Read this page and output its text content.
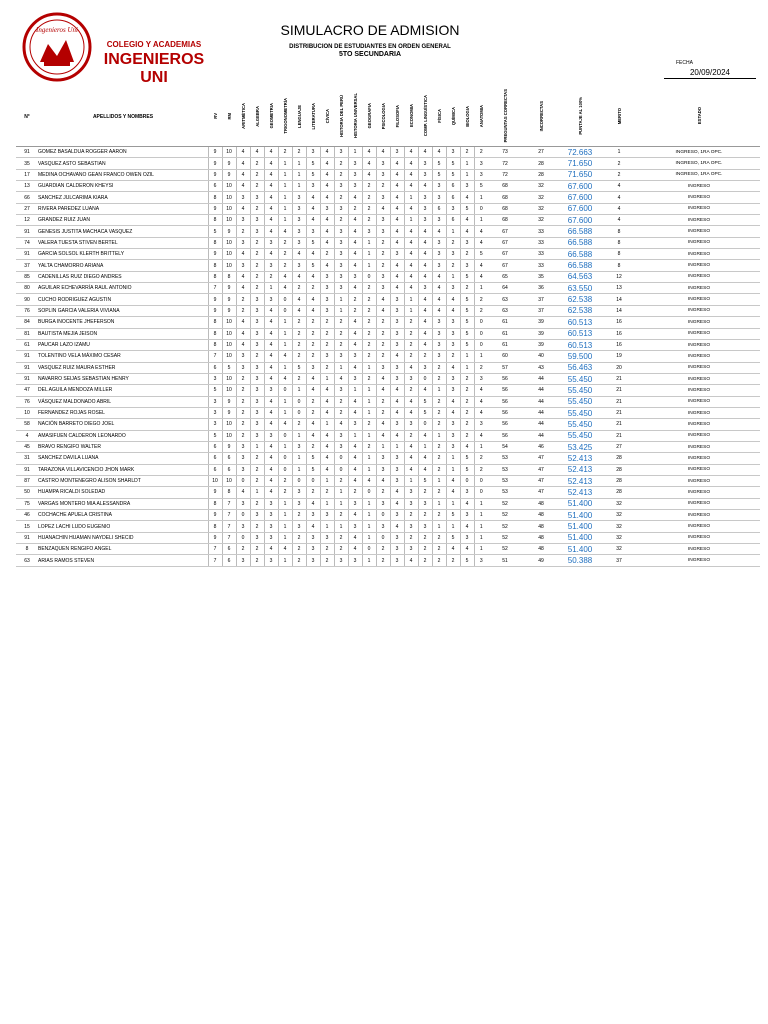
Ingenieros Uni
COLEGIO Y ACADEMIAS
INGENIEROS UNI
SIMULACRO DE ADMISION
DISTRIBUCION DE ESTUDIANTES EN ORDEN GENERAL
5TO SECUNDARIA
FECHA
20/09/2024
N°	APELLIDOS Y NOMBRES	RV	RM	ARITMÉTICA	ALGEBRA	GEOMETRIA	TRIGONOMETRÍA	LENGUAJE	LITERATURA	CÍVICA	HISTORIA DEL PERÚ	HISTORIA UNIVERSAL	GEOGRAFIA	PSICOLOGIA	FILOSOFIA	ECONOMIA	COMP. LINGUÍSTICA	FÍSICA	QUÍMICA	BIOLOGIA	ANATOMIA	PREGUNTAS CORRECTAS	INCORRECTAS	PUNTAJE AL 100%	MERITO	ESTADO
91	GOMEZ BASALDUA ROGGER AARON	9	10	4	4	4	2	2	3	4	3	1	4	4	3	4	4	4	3	2	2	73	27	72.663	1	INGRESO, 1RA OPC.
35	VASQUEZ ASTO SEBASTIAN	9	9	4	2	4	1	1	5	4	2	3	4	3	4	4	3	5	5	1	3	72	28	71.650	2	INGRESO, 1RA OPC.
17	MEDINA OCHAVANO GEAN FRANCO OWEN OZIL	9	9	4	2	4	1	1	5	4	2	3	4	3	4	4	3	5	5	1	3	72	28	71.650	2	INGRESO, 1RA OPC.
13	GUARDIAN CALDERON KHEYSI	6	10	4	2	4	1	1	3	4	3	3	2	2	4	4	4	3	6	3	5	68	32	67.600	4	INGRESO
66	SANCHEZ JULCARIMA KIARA	8	10	3	3	4	1	3	4	4	2	4	2	3	4	1	3	3	6	4	1	68	32	67.600	4	INGRESO
27	RIVERA PAREDEZ LUANA	9	10	4	2	4	1	3	4	3	3	2	2	4	4	4	3	6	3	5	0	68	32	67.600	4	INGRESO
12	GRANDEZ RUIZ JUAN	8	10	3	3	4	1	3	4	4	2	4	2	3	4	1	3	3	6	4	1	68	32	67.600	4	INGRESO
91	GENESIS JUSTITA MACHACA VASQUEZ	5	9	2	3	4	4	3	3	4	3	4	3	3	4	4	4	4	1	4	4	67	33	66.588	8	INGRESO
74	VALERA TUESTA STIVEN BERTEL	8	10	3	2	3	2	3	5	4	3	4	1	2	4	4	4	3	2	3	4	67	33	66.588	8	INGRESO
91	GARCIA SOLSOL KLERTH BRITTELY	9	10	4	2	4	2	4	4	2	3	4	1	2	3	4	4	3	3	2	5	67	33	66.588	8	INGRESO
37	YALTA CHAMORRO ARIANA	8	10	3	2	3	2	3	5	4	3	4	1	2	4	4	4	3	2	3	4	67	33	66.588	8	INGRESO
85	CADENILLAS RUIZ DIEGO ANDRES	8	8	4	2	2	4	4	4	3	3	3	0	3	4	4	4	4	1	5	4	65	35	64.563	12	INGRESO
80	AGUILAR ECHEVARRÍA RAUL ANTONIO	7	9	4	2	1	4	2	2	3	3	4	2	3	4	4	3	4	3	2	1	64	36	63.550	13	INGRESO
90	CUCHO RODRIGUEZ AGUSTIN	9	9	2	3	3	0	4	4	3	1	2	2	4	3	1	4	4	4	5	2	63	37	62.538	14	INGRESO
76	SOPLIN GARCIA VALERIA VIVIANA	9	9	2	3	4	0	4	4	3	1	2	2	4	3	1	4	4	4	5	2	63	37	62.538	14	INGRESO
84	BURGA INOCENTE JHEFERSON	8	10	4	3	4	1	2	2	2	2	4	2	2	3	2	4	3	3	5	0	61	39	60.513	16	INGRESO
81	BAUTISTA MEJIA JEISON	8	10	4	3	4	1	2	2	2	2	4	2	2	3	2	4	3	3	5	0	61	39	60.513	16	INGRESO
61	PAUCAR LAZO IZAMU	8	10	4	3	4	1	2	2	2	2	4	2	2	3	2	4	3	3	5	0	61	39	60.513	16	INGRESO
91	TOLENTINO VELA MÁXIMO CESAR	7	10	3	2	4	4	2	2	3	3	3	2	2	4	2	2	3	2	1	1	60	40	59.500	19	INGRESO
91	VASQUEZ RUIZ MAURA ESTHER	6	5	3	3	4	1	5	3	2	1	4	1	3	3	4	3	2	4	1	2	57	43	56.463	20	INGRESO
91	NAVARRO SEIJAS SEBASTIAN HENRY	3	10	2	3	4	4	2	4	1	4	3	2	4	3	3	0	2	3	2	3	56	44	55.450	21	INGRESO
47	DEL AGUILA MENDOZA MILLER	5	10	2	3	3	0	1	4	4	3	1	1	4	4	2	4	1	3	2	4	56	44	55.450	21	INGRESO
76	VÁSQUEZ MALDONADO ABRIL	3	9	2	3	4	1	0	2	4	2	4	1	2	4	4	5	2	4	2	4	56	44	55.450	21	INGRESO
10	FERNANDEZ ROJAS ROSEL	3	9	2	3	4	1	0	2	4	2	4	1	2	4	4	5	2	4	2	4	56	44	55.450	21	INGRESO
58	NACIÓN BARRETO DIEGO JOEL	3	10	2	3	4	4	2	4	1	4	3	2	4	3	3	0	2	3	2	3	56	44	55.450	21	INGRESO
4	AMASIFUEN CALDERON LEONARDO	5	10	2	3	3	0	1	4	4	3	1	1	4	4	2	4	1	3	2	4	56	44	55.450	21	INGRESO
45	BRAVO RENGIFO WALTER	6	9	3	1	4	1	3	2	4	3	4	2	1	1	4	1	2	3	4	1	54	46	53.425	27	INGRESO
31	SANCHEZ DAVILA LUANA	6	6	3	2	4	0	1	5	4	0	4	1	3	3	4	4	2	1	5	2	53	47	52.413	28	INGRESO
91	TARAZONA VILLAVICENCIO JHON MARK	6	6	3	2	4	0	1	5	4	0	4	1	3	3	4	4	2	1	5	2	53	47	52.413	28	INGRESO
87	CASTRO MONTENEGRO ALISON SHARLDT	10	10	0	2	4	2	0	0	1	2	4	4	4	3	1	5	1	4	0	0	53	47	52.413	28	INGRESO
50	HUAMPA RICALDI SOLEDAD	9	8	4	1	4	2	3	2	2	1	2	0	2	4	3	2	2	4	3	0	53	47	52.413	28	INGRESO
75	VARGAS MONTERO MIA ALESSANDRA	8	7	3	2	3	1	3	4	1	1	3	1	3	4	3	3	1	1	4	1	52	48	51.400	32	INGRESO
46	COCHACHE APUELA CRISTINA	9	7	0	3	3	1	2	3	3	2	4	1	0	3	2	2	2	5	3	1	52	48	51.400	32	INGRESO
15	LOPEZ LACHI LUDO EUGENIO	8	7	3	2	3	1	3	4	1	1	3	1	3	4	3	3	1	1	4	1	52	48	51.400	32	INGRESO
91	HUANACHIN HUAMAN NAYDELI SHECID	9	7	0	3	3	1	2	3	3	2	4	1	0	3	2	2	2	5	3	1	52	48	51.400	32	INGRESO
8	BENZAQUEN RENGIFO ANGEL	7	6	2	2	4	4	2	3	2	2	4	0	2	3	3	2	2	4	4	1	52	48	51.400	32	INGRESO
63	ARIAS RAMOS STEVEN	7	6	3	2	3	1	2	3	2	3	3	1	2	3	4	2	2	2	5	3	51	49	50.388	37	INGRESO
